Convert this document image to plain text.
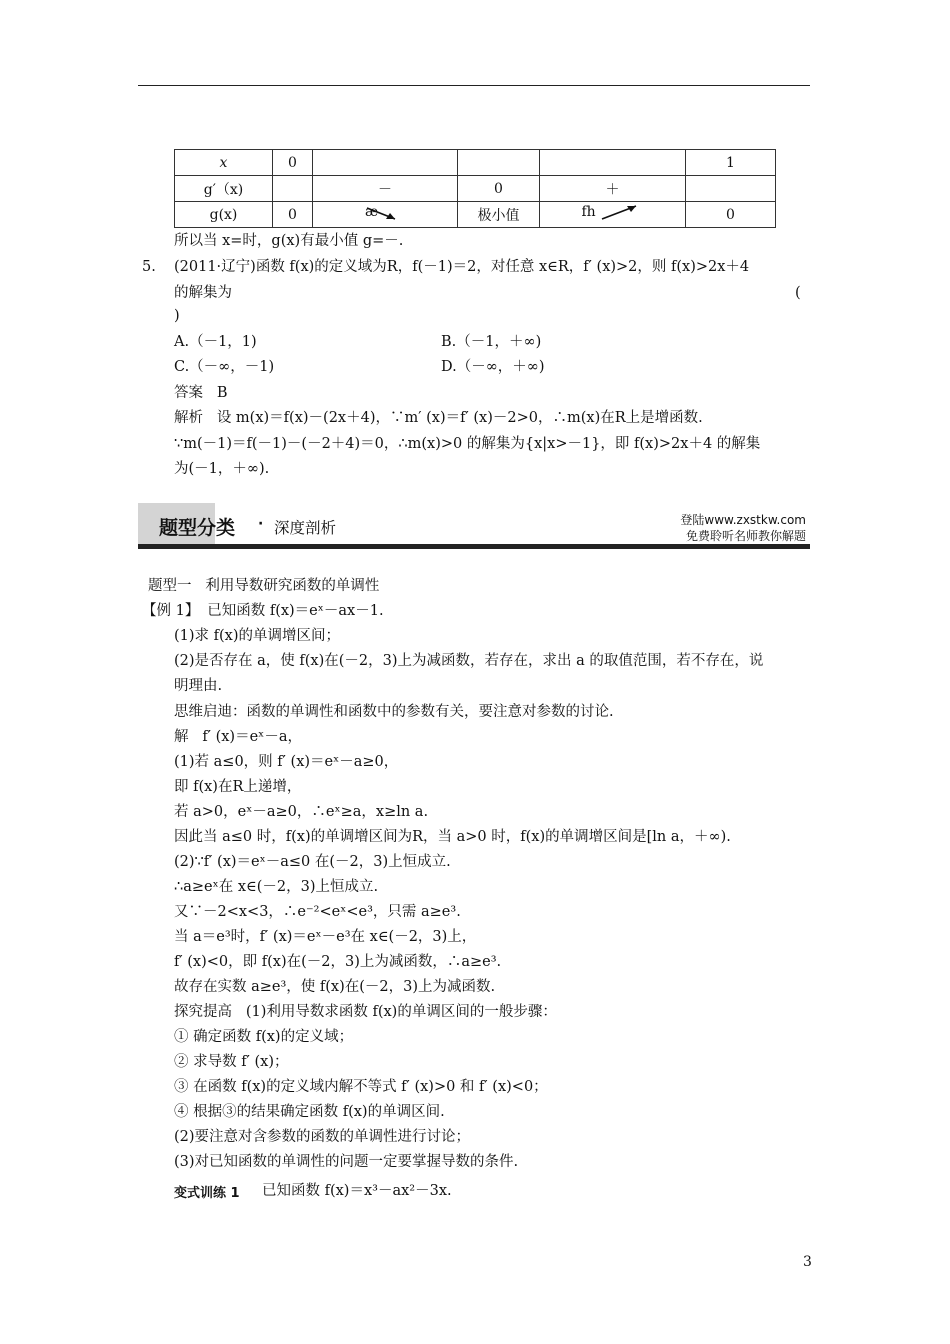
x	0				1
g′（x)		－	0	＋	
g(x)	0	æ	极小值	fh	0
所以当 x=时，g(x)有最小值 g=－.
5. (2011·辽宁)函数 f(x)的定义域为R，f(－1)＝2，对任意 x∈R，f′ (x)>2，则 f(x)>2x＋4
的解集为	(
)
A.（－1，1)	B.（－1，＋∞)
C.（－∞，－1)	D.（－∞，＋∞)
答案   B
解析   设 m(x)＝f(x)－(2x＋4)，∵m′ (x)＝f′ (x)－2>0，∴m(x)在R上是增函数.
∵m(－1)＝f(－1)－(－2＋4)＝0，∴m(x)>0 的解集为{x|x>－1}，即 f(x)>2x＋4 的解集
为(－1，＋∞).
题型分类 · 深度剖析	登陆www.zxstkw.com
免费聆听名师教你解题
题型一   利用导数研究函数的单调性
【例 1】
已知函数 f(x)＝eˣ－ax－1.
(1)求 f(x)的单调增区间；
(2)是否存在 a，使 f(x)在(－2，3)上为减函数，若存在，求出 a 的取值范围，若不存在，说
明理由.
思维启迪：函数的单调性和函数中的参数有关，要注意对参数的讨论.
解   f′ (x)＝eˣ－a，
(1)若 a≤0，则 f′ (x)＝eˣ－a≥0，
即 f(x)在R上递增，
若 a>0，eˣ－a≥0，∴eˣ≥a，x≥ln a.
因此当 a≤0 时，f(x)的单调增区间为R，当 a>0 时，f(x)的单调增区间是[ln a，＋∞).
(2)∵f′ (x)＝eˣ－a≤0 在(－2，3)上恒成立.
∴a≥eˣ在 x∈(－2，3)上恒成立.
又∵－2<x<3，∴e⁻²<eˣ<e³，只需 a≥e³.
当 a＝e³时，f′ (x)＝eˣ－e³在 x∈(－2，3)上，
f′ (x)<0，即 f(x)在(－2，3)上为减函数，∴a≥e³.
故存在实数 a≥e³，使 f(x)在(－2，3)上为减函数.
探究提高   (1)利用导数求函数 f(x)的单调区间的一般步骤：
① 确定函数 f(x)的定义域；
② 求导数 f′ (x)；
③ 在函数 f(x)的定义域内解不等式 f′ (x)>0 和 f′ (x)<0；
④ 根据③的结果确定函数 f(x)的单调区间.
(2)要注意对含参数的函数的单调性进行讨论；
(3)对已知函数的单调性的问题一定要掌握导数的条件.
变式训练 1 已知函数 f(x)＝x³－ax²－3x.
3
